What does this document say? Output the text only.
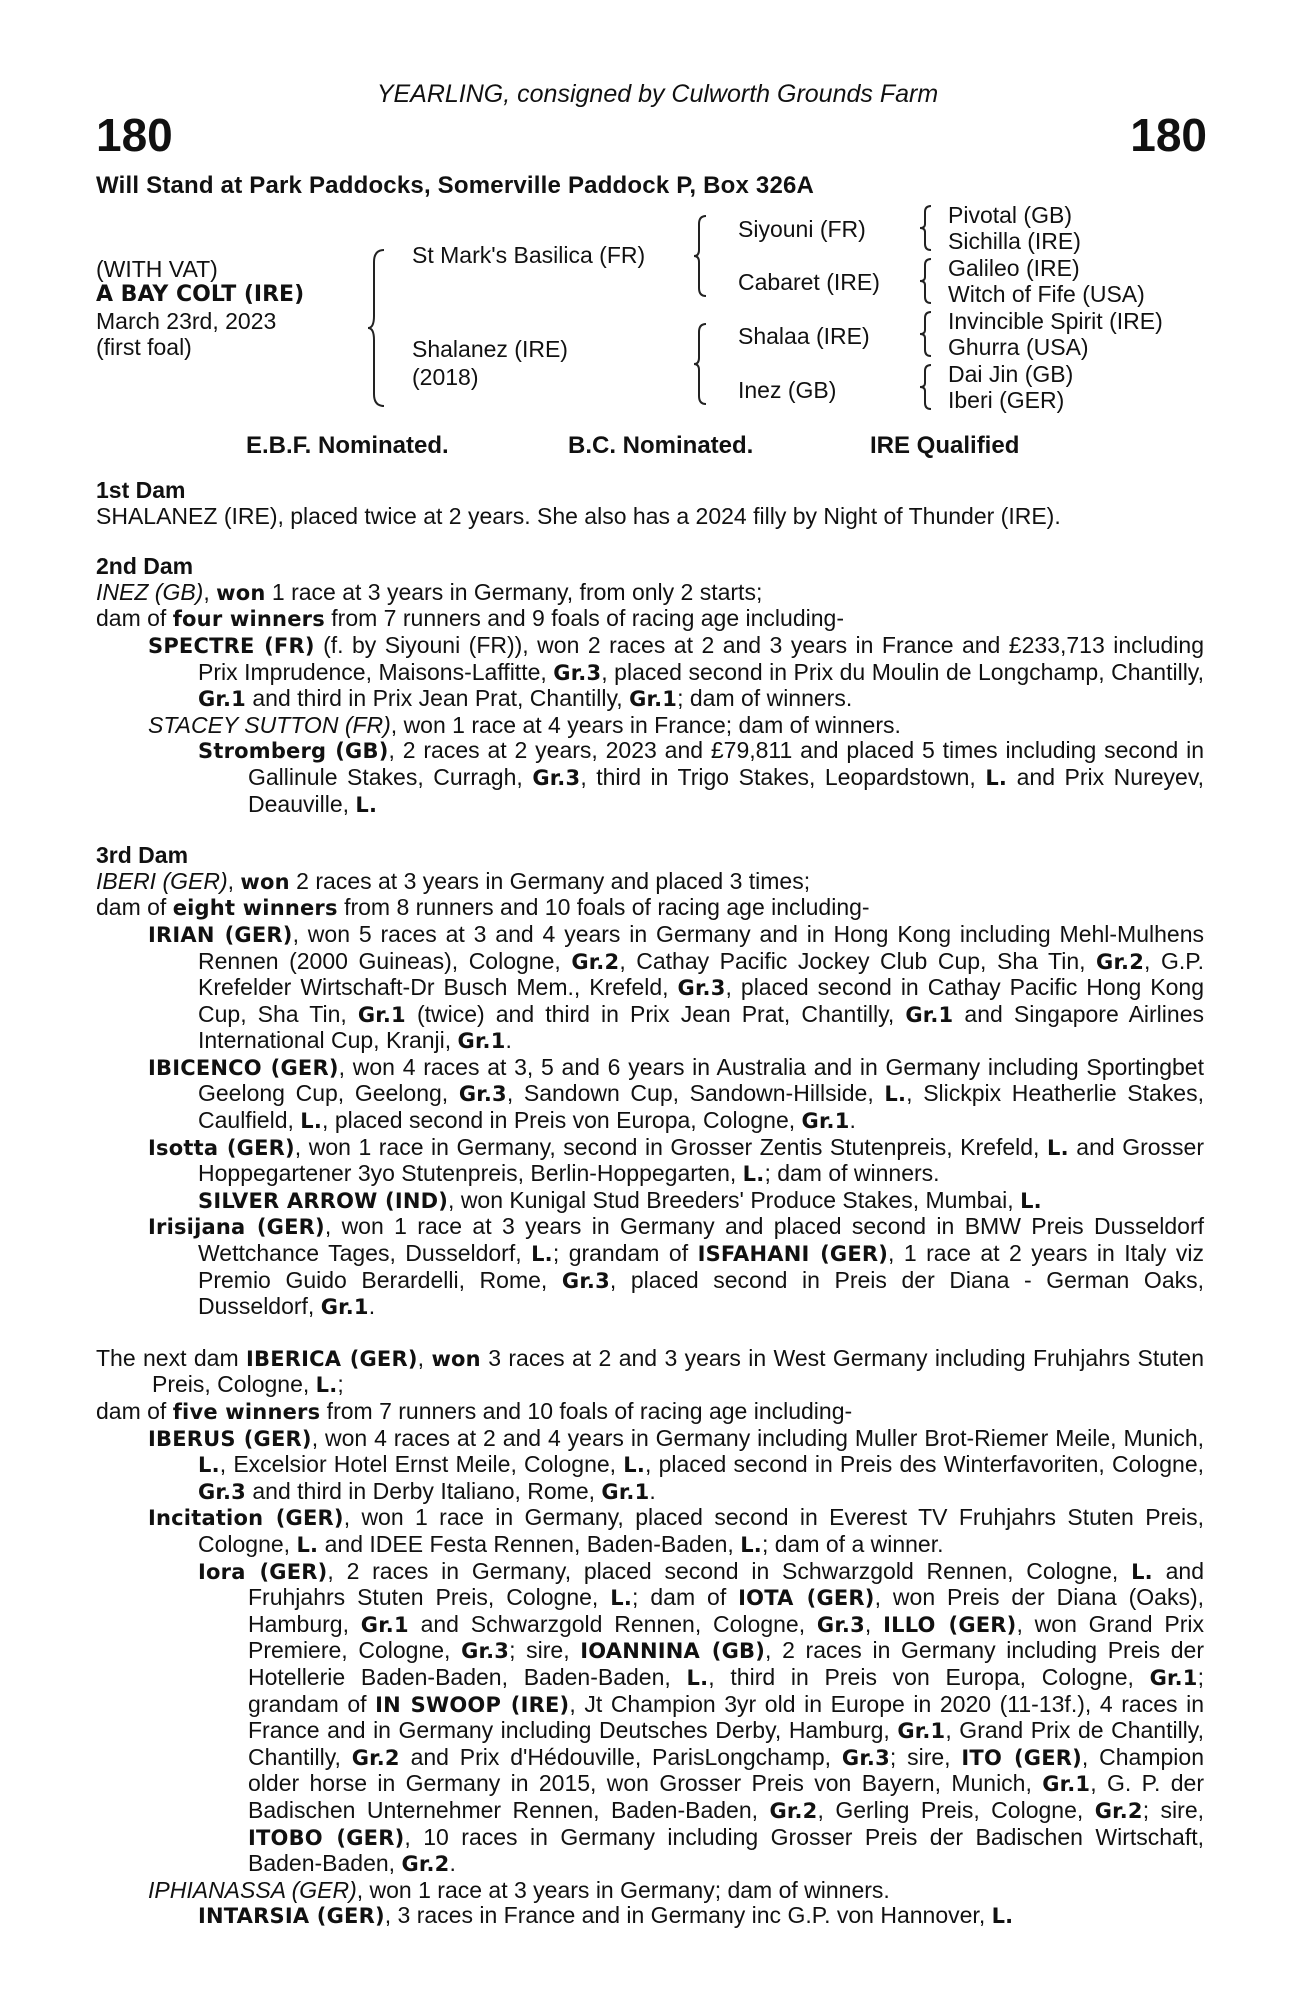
YEARLING, consigned by Culworth Grounds Farm
180	180
Will Stand at Park Paddocks, Somerville Paddock P, Box 326A
(WITH VAT)
A BAY COLT (IRE)
March 23rd, 2023
(first foal)
St Mark's Basilica (FR)
Shalanez (IRE)
(2018)
Siyouni (FR)
Cabaret (IRE)
Shalaa (IRE)
Inez (GB)
Pivotal (GB)
Sichilla (IRE)
Galileo (IRE)
Witch of Fife (USA)
Invincible Spirit (IRE)
Ghurra (USA)
Dai Jin (GB)
Iberi (GER)
E.B.F. Nominated.	B.C. Nominated.	IRE Qualified
1st Dam

SHALANEZ (IRE), placed twice at 2 years. She also has a 2024 filly by Night of Thunder (IRE).

2nd Dam

INEZ (GB), won 1 race at 3 years in Germany, from only 2 starts;

dam of four winners from 7 runners and 9 foals of racing age including-

SPECTRE (FR) (f. by Siyouni (FR)), won 2 races at 2 and 3 years in France and £233,713 including Prix Imprudence, Maisons-Laffitte, Gr.3, placed second in Prix du Moulin de Longchamp, Chantilly, Gr.1 and third in Prix Jean Prat, Chantilly, Gr.1; dam of winners.

STACEY SUTTON (FR), won 1 race at 4 years in France; dam of winners.

Stromberg (GB), 2 races at 2 years, 2023 and £79,811 and placed 5 times including second in Gallinule Stakes, Curragh, Gr.3, third in Trigo Stakes, Leopardstown, L. and Prix Nureyev, Deauville, L.

3rd Dam

IBERI (GER), won 2 races at 3 years in Germany and placed 3 times;

dam of eight winners from 8 runners and 10 foals of racing age including-

IRIAN (GER), won 5 races at 3 and 4 years in Germany and in Hong Kong including Mehl-Mulhens Rennen (2000 Guineas), Cologne, Gr.2, Cathay Pacific Jockey Club Cup, Sha Tin, Gr.2, G.P. Krefelder Wirtschaft-Dr Busch Mem., Krefeld, Gr.3, placed second in Cathay Pacific Hong Kong Cup, Sha Tin, Gr.1 (twice) and third in Prix Jean Prat, Chantilly, Gr.1 and Singapore Airlines International Cup, Kranji, Gr.1.

IBICENCO (GER), won 4 races at 3, 5 and 6 years in Australia and in Germany including Sportingbet Geelong Cup, Geelong, Gr.3, Sandown Cup, Sandown-Hillside, L., Slickpix Heatherlie Stakes, Caulfield, L., placed second in Preis von Europa, Cologne, Gr.1.

Isotta (GER), won 1 race in Germany, second in Grosser Zentis Stutenpreis, Krefeld, L. and Grosser Hoppegartener 3yo Stutenpreis, Berlin-Hoppegarten, L.; dam of winners.

SILVER ARROW (IND), won Kunigal Stud Breeders' Produce Stakes, Mumbai, L.

Irisijana (GER), won 1 race at 3 years in Germany and placed second in BMW Preis Dusseldorf Wettchance Tages, Dusseldorf, L.; grandam of ISFAHANI (GER), 1 race at 2 years in Italy viz Premio Guido Berardelli, Rome, Gr.3, placed second in Preis der Diana - German Oaks, Dusseldorf, Gr.1.

The next dam IBERICA (GER), won 3 races at 2 and 3 years in West Germany including Fruhjahrs Stuten Preis, Cologne, L.;

dam of five winners from 7 runners and 10 foals of racing age including-

IBERUS (GER), won 4 races at 2 and 4 years in Germany including Muller Brot-Riemer Meile, Munich, L., Excelsior Hotel Ernst Meile, Cologne, L., placed second in Preis des Winterfavoriten, Cologne, Gr.3 and third in Derby Italiano, Rome, Gr.1.

Incitation (GER), won 1 race in Germany, placed second in Everest TV Fruhjahrs Stuten Preis, Cologne, L. and IDEE Festa Rennen, Baden-Baden, L.; dam of a winner.

Iora (GER), 2 races in Germany, placed second in Schwarzgold Rennen, Cologne, L. and Fruhjahrs Stuten Preis, Cologne, L.; dam of IOTA (GER), won Preis der Diana (Oaks), Hamburg, Gr.1 and Schwarzgold Rennen, Cologne, Gr.3, ILLO (GER), won Grand Prix Premiere, Cologne, Gr.3; sire, IOANNINA (GB), 2 races in Germany including Preis der Hotellerie Baden-Baden, Baden-Baden, L., third in Preis von Europa, Cologne, Gr.1; grandam of IN SWOOP (IRE), Jt Champion 3yr old in Europe in 2020 (11-13f.), 4 races in France and in Germany including Deutsches Derby, Hamburg, Gr.1, Grand Prix de Chantilly, Chantilly, Gr.2 and Prix d'Hédouville, ParisLongchamp, Gr.3; sire, ITO (GER), Champion older horse in Germany in 2015, won Grosser Preis von Bayern, Munich, Gr.1, G. P. der Badischen Unternehmer Rennen, Baden-Baden, Gr.2, Gerling Preis, Cologne, Gr.2; sire, ITOBO (GER), 10 races in Germany including Grosser Preis der Badischen Wirtschaft, Baden-Baden, Gr.2.

IPHIANASSA (GER), won 1 race at 3 years in Germany; dam of winners.

INTARSIA (GER), 3 races in France and in Germany inc G.P. von Hannover, L.
